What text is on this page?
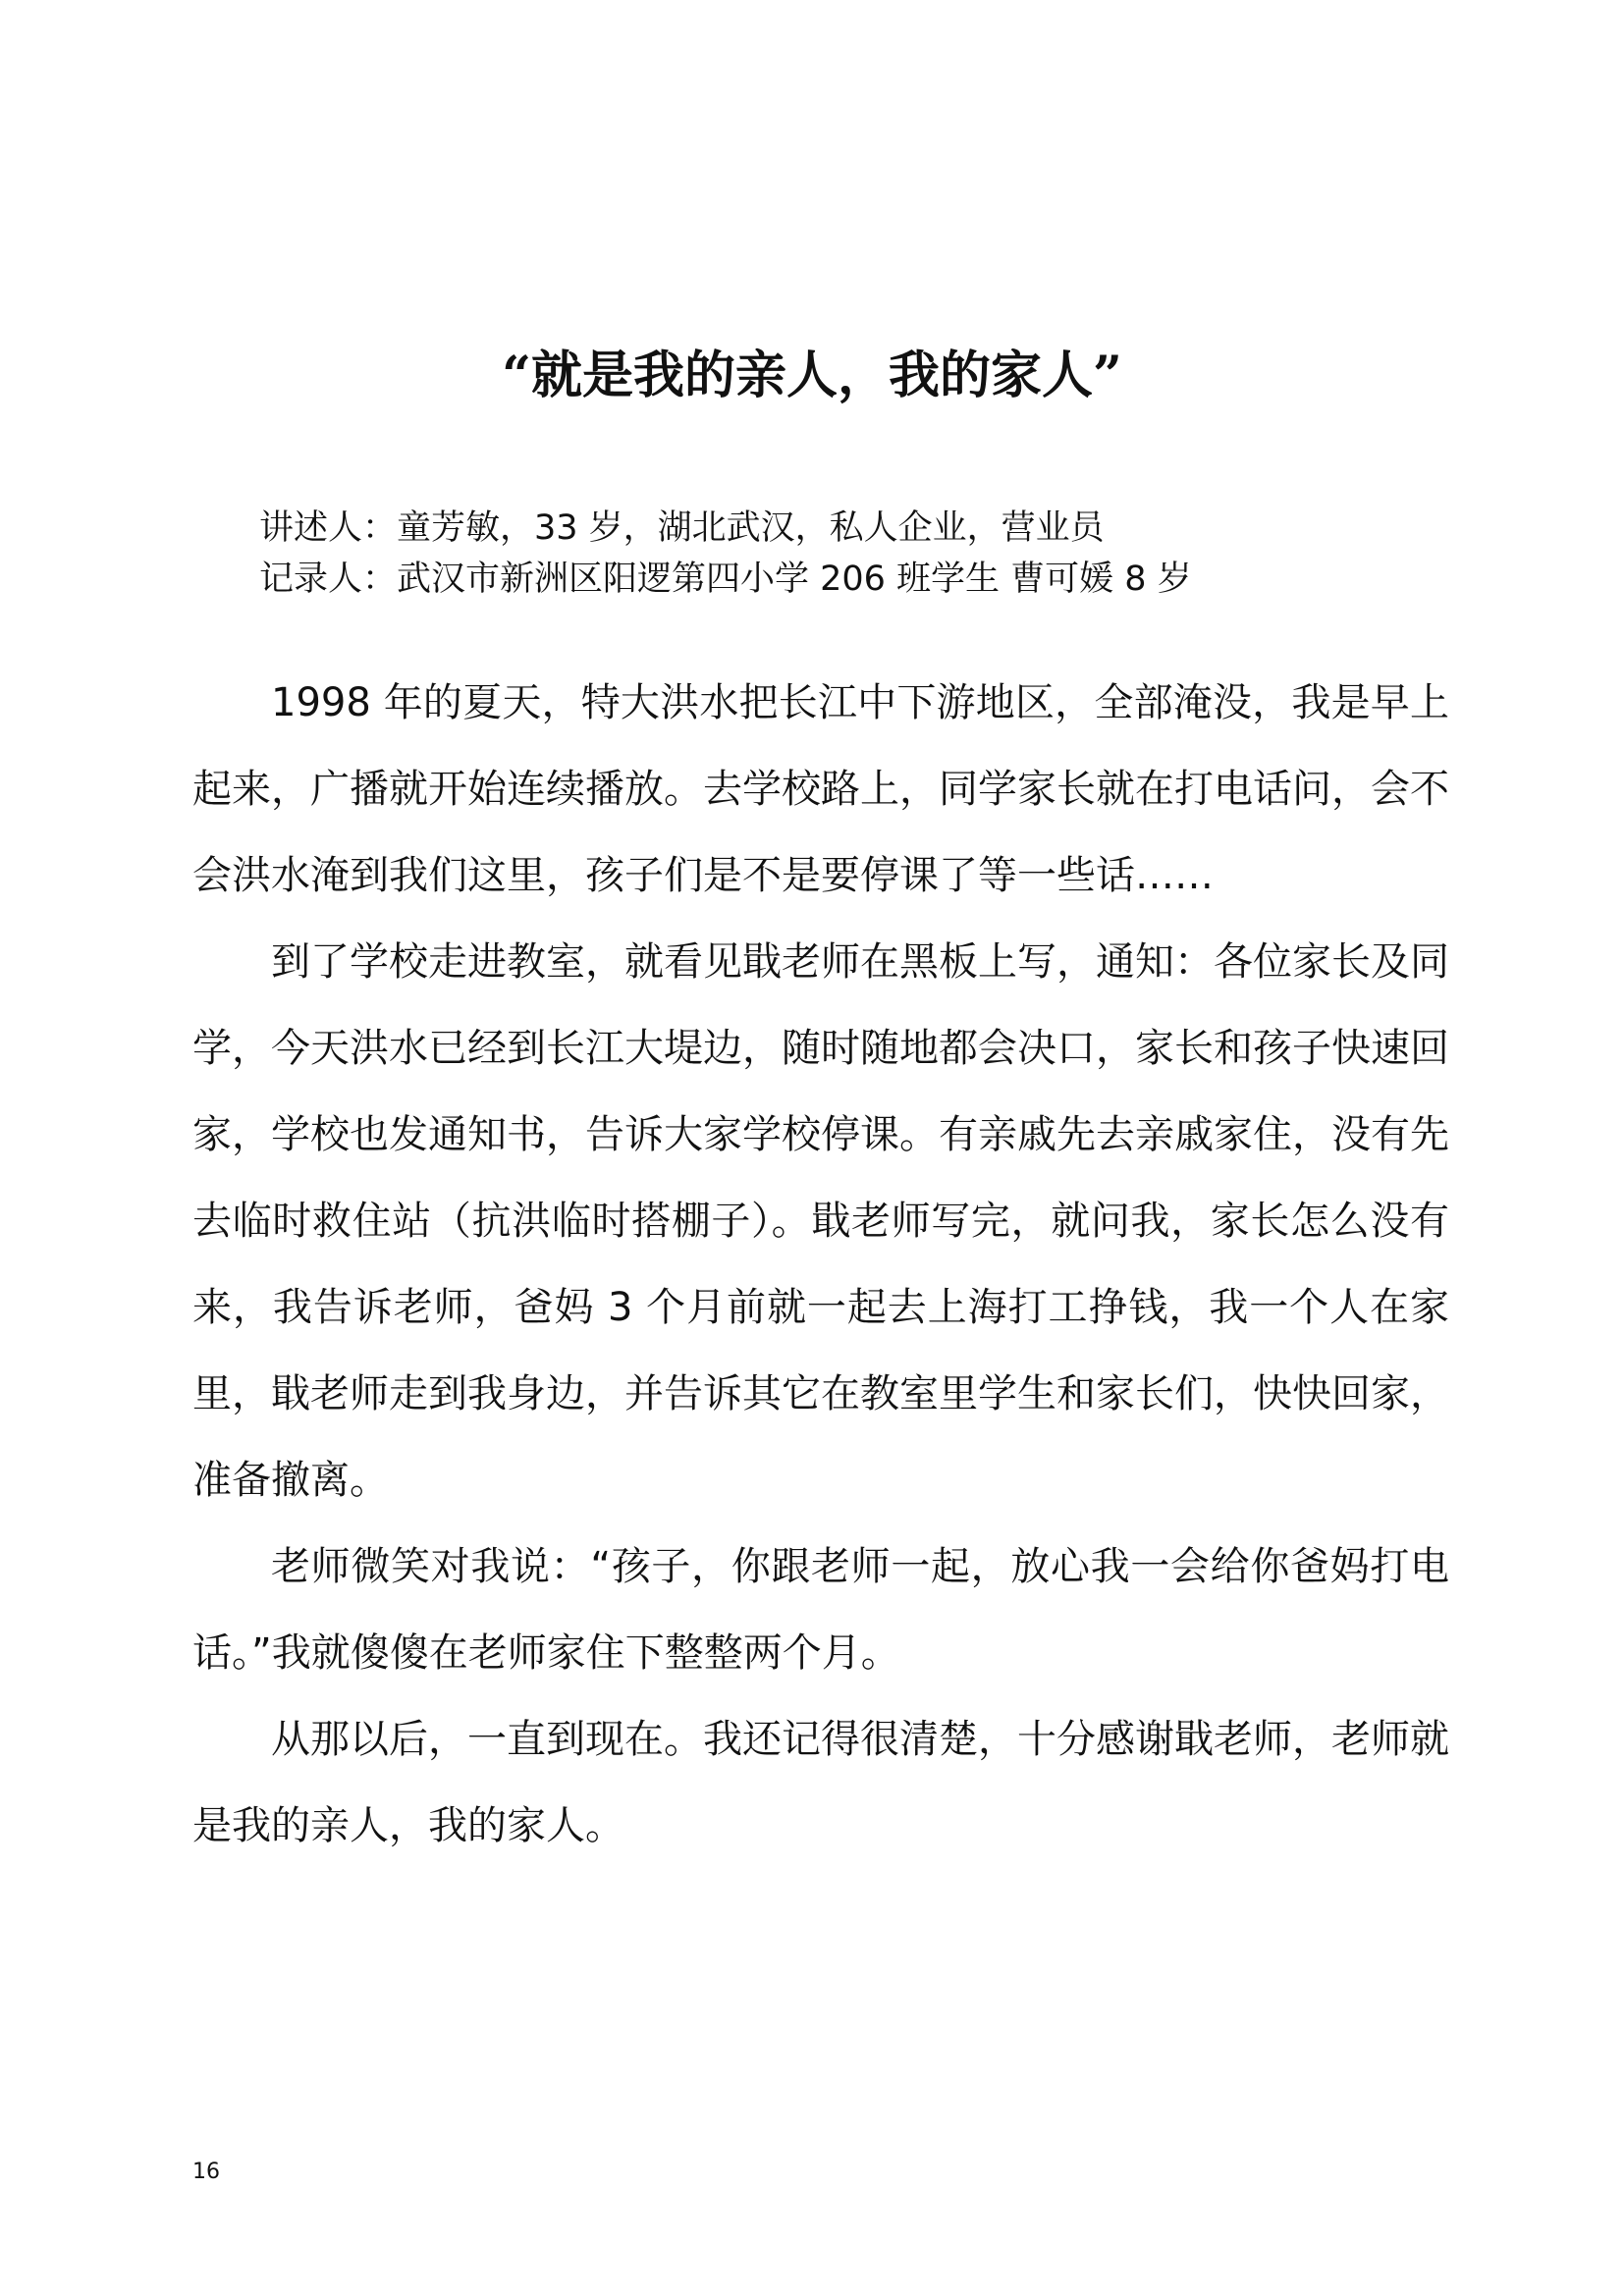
“就是我的亲人，我的家人”
讲述人：童芳敏，33 岁，湖北武汉，私人企业，营业员
记录人：武汉市新洲区阳逻第四小学 206 班学生 曹可媛 8 岁

1998 年的夏天，特大洪水把长江中下游地区，全部淹没，我是早上起来，广播就开始连续播放。去学校路上，同学家长就在打电话问，会不会洪水淹到我们这里，孩子们是不是要停课了等一些话……

到了学校走进教室，就看见戢老师在黑板上写，通知：各位家长及同学，今天洪水已经到长江大堤边，随时随地都会决口，家长和孩子快速回家，学校也发通知书，告诉大家学校停课。有亲戚先去亲戚家住，没有先去临时救住站（抗洪临时搭棚子）。戢老师写完，就问我，家长怎么没有来，我告诉老师，爸妈 3 个月前就一起去上海打工挣钱，我一个人在家里，戢老师走到我身边，并告诉其它在教室里学生和家长们，快快回家，准备撤离。

老师微笑对我说：“孩子，你跟老师一起，放心我一会给你爸妈打电话。”我就傻傻在老师家住下整整两个月。

从那以后，一直到现在。我还记得很清楚，十分感谢戢老师，老师就是我的亲人，我的家人。

16
